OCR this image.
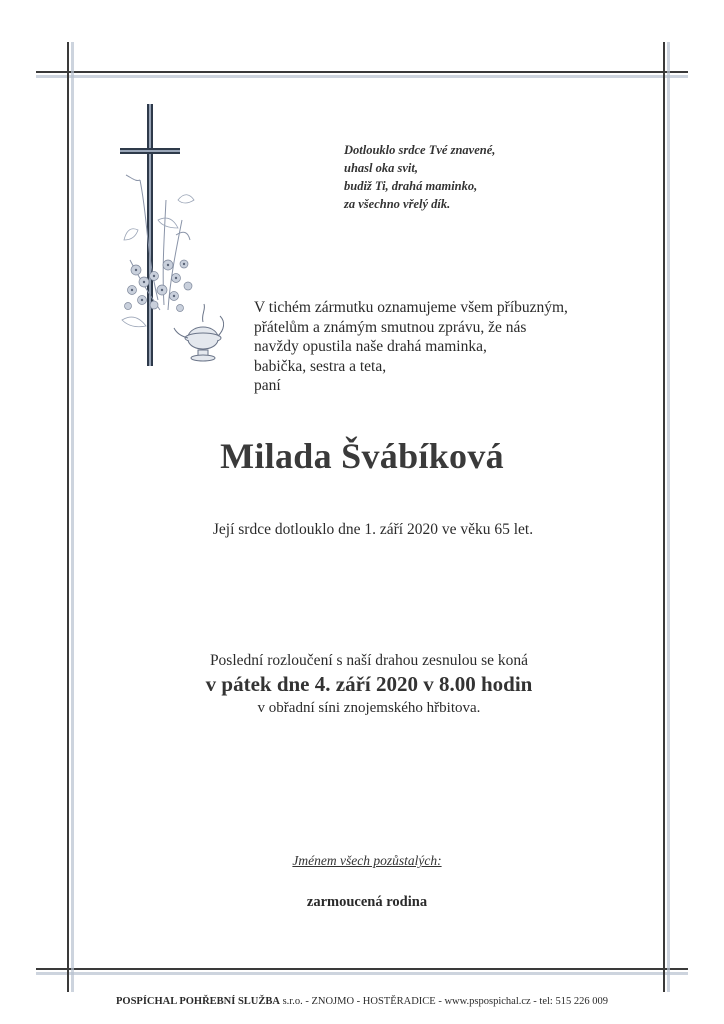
Dotlouklo srdce Tvé znavené,
uhasl oka svit,
budiž Ti, drahá maminko,
za všechno vřelý dík.
V tichém zármutku oznamujeme všem příbuzným,
přátelům a známým smutnou zprávu, že nás
navždy opustila naše drahá maminka,
babička, sestra a teta,
paní
Milada Švábíková
Její srdce dotlouklo dne 1. září 2020 ve věku 65 let.
Poslední rozloučení s naší drahou zesnulou se koná
v pátek dne 4. září 2020 v 8.00 hodin
v obřadní síni znojemského hřbitova.
Jménem všech pozůstalých:
zarmoucená rodina
POSPÍCHAL POHŘEBNÍ SLUŽBA s.r.o. - ZNOJMO - HOSTĚRADICE - www.pspospichal.cz - tel: 515 226 009
